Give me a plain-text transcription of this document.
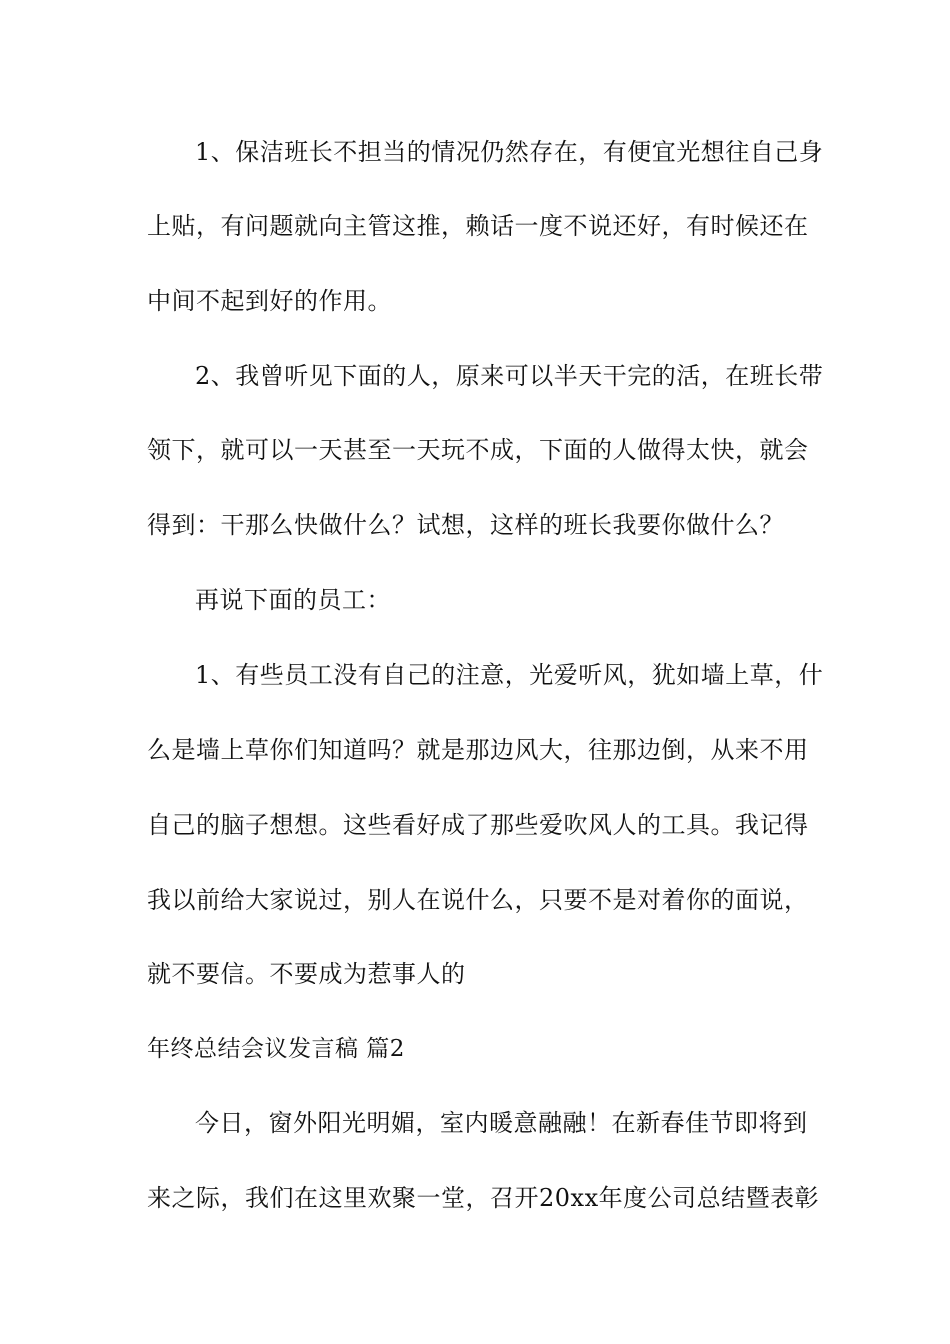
1、保洁班长不担当的情况仍然存在，有便宜光想往自己身
上贴，有问题就向主管这推，赖话一度不说还好，有时候还在
中间不起到好的作用。
2、我曾听见下面的人，原来可以半天干完的活，在班长带
领下，就可以一天甚至一天玩不成，下面的人做得太快，就会
得到：干那么快做什么？试想，这样的班长我要你做什么？
再说下面的员工：
1、有些员工没有自己的注意，光爱听风，犹如墙上草，什
么是墙上草你们知道吗？就是那边风大，往那边倒，从来不用
自己的脑子想想。这些看好成了那些爱吹风人的工具。我记得
我以前给大家说过，别人在说什么，只要不是对着你的面说，
就不要信。不要成为惹事人的
年终总结会议发言稿 篇2
今日，窗外阳光明媚，室内暖意融融！在新春佳节即将到
来之际，我们在这里欢聚一堂，召开20xx年度公司总结暨表彰
